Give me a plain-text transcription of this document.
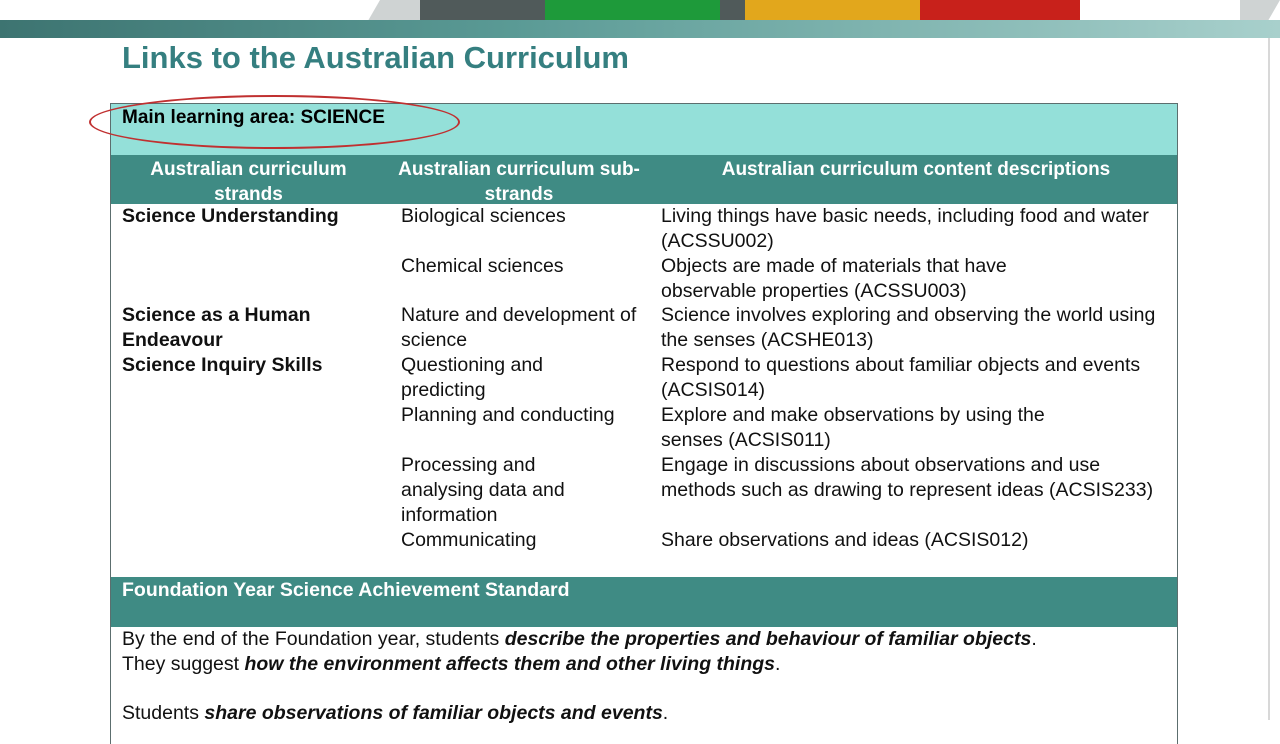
Links to the Australian Curriculum
Main learning area: SCIENCE
Australian curriculum strands
Australian curriculum sub-strands
Australian curriculum content descriptions
Science Understanding
Science as a Human Endeavour
Science Inquiry Skills
Biological sciences
Chemical sciences
Nature and development of science
Questioning and predicting
Planning and conducting
Processing and analysing data and information
Communicating
Living things have basic needs, including food and water (ACSSU002)
Objects are made of materials that have observable properties (ACSSU003)
Science involves exploring and observing the world using the senses (ACSHE013)
Respond to questions about familiar objects and events (ACSIS014)
Explore and make observations by using the senses (ACSIS011)
Engage in discussions about observations and use methods such as drawing to represent ideas (ACSIS233)
Share observations and ideas (ACSIS012)
Foundation Year Science Achievement Standard
By the end of the Foundation year, students describe the properties and behaviour of familiar objects.
They suggest how the environment affects them and other living things.
Students share observations of familiar objects and events.
